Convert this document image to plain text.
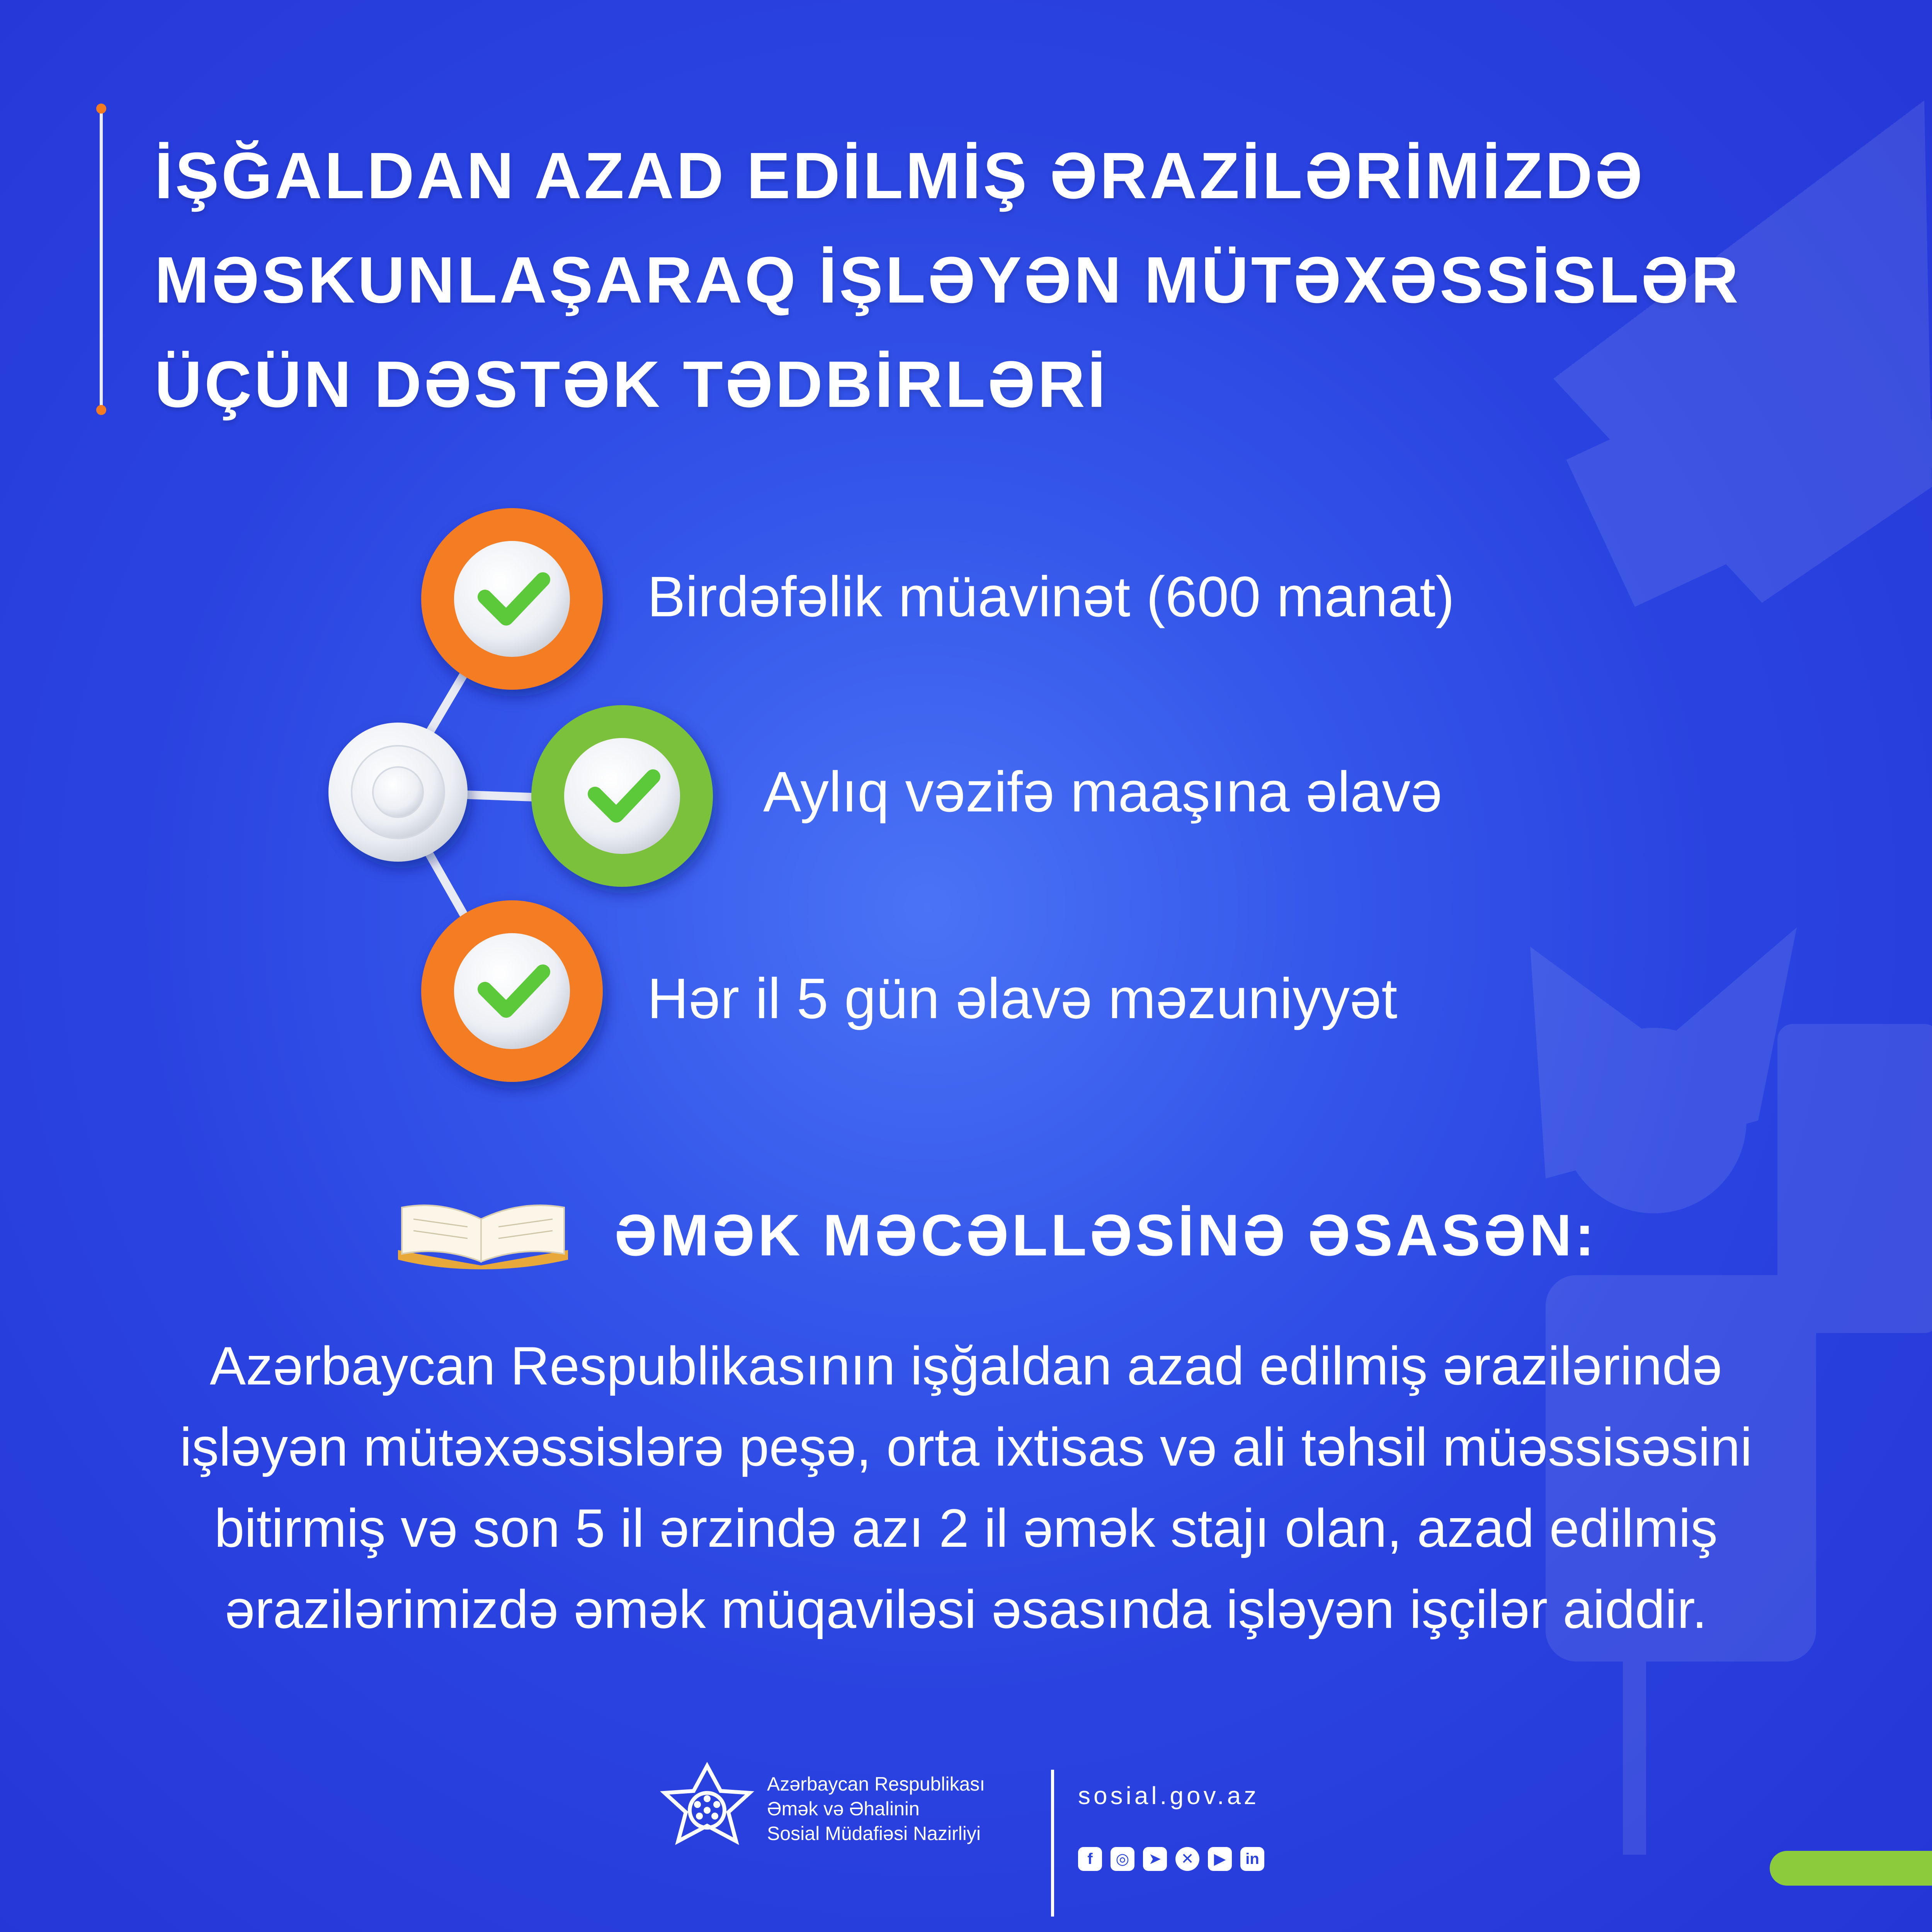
İŞĞALDAN AZAD EDİLMİŞ ƏRAZİLƏRİMİZDƏ
MƏSKUNLAŞARAQ İŞLƏYƏN MÜTƏXƏSSİSLƏR
ÜÇÜN DƏSTƏK TƏDBİRLƏRİ
Birdəfəlik müavinət (600 manat)
Aylıq vəzifə maaşına əlavə
Hər il 5 gün əlavə məzuniyyət
ƏMƏK MƏCƏLLƏSİNƏ ƏSASƏN:
Azərbaycan Respublikasının işğaldan azad edilmiş ərazilərində
işləyən mütəxəssislərə peşə, orta ixtisas və ali təhsil müəssisəsini
bitirmiş və son 5 il ərzində azı 2 il əmək stajı olan, azad edilmiş
ərazilərimizdə əmək müqaviləsi əsasında işləyən işçilər aiddir.
Azərbaycan Respublikası
Əmək və Əhalinin
Sosial Müdafiəsi Nazirliyi
sosial.gov.az
f	◎	➤	✕	▶	in
